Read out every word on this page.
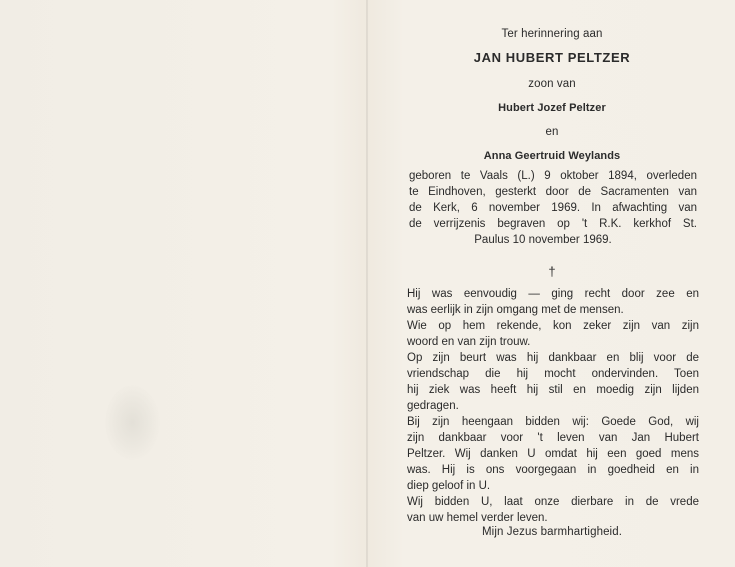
Ter herinnering aan
JAN HUBERT PELTZER
zoon van
Hubert Jozef Peltzer
en
Anna Geertruid Weylands
geboren te Vaals (L.) 9 oktober 1894, overleden
te Eindhoven, gesterkt door de Sacramenten van
de Kerk, 6 november 1969. In afwachting van
de verrijzenis begraven op 't R.K. kerkhof St.
Paulus 10 november 1969.
†
Hij was eenvoudig — ging recht door zee en
was eerlijk in zijn omgang met de mensen.
Wie op hem rekende, kon zeker zijn van zijn
woord en van zijn trouw.
Op zijn beurt was hij dankbaar en blij voor de
vriendschap die hij mocht ondervinden. Toen
hij ziek was heeft hij stil en moedig zijn lijden
gedragen.
Bij zijn heengaan bidden wij: Goede God, wij
zijn dankbaar voor 't leven van Jan Hubert
Peltzer. Wij danken U omdat hij een goed mens
was. Hij is ons voorgegaan in goedheid en in
diep geloof in U.
Wij bidden U, laat onze dierbare in de vrede
van uw hemel verder leven.
Mijn Jezus barmhartigheid.
